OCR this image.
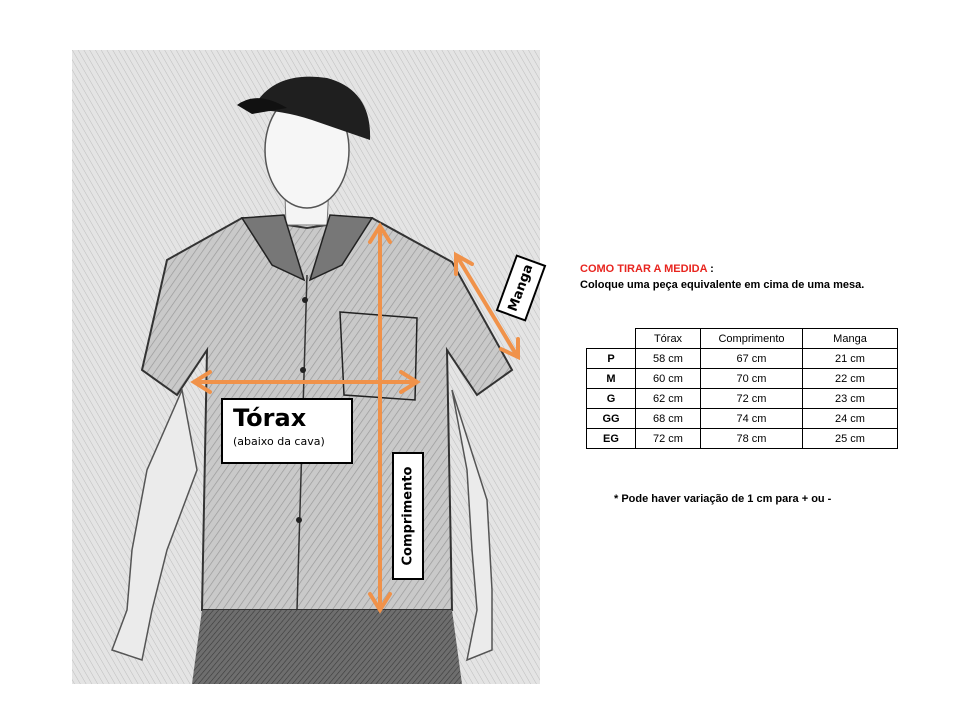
Tórax
(abaixo da cava)
Comprimento
Manga	COMO TIRAR A MEDIDA :
Coloque uma peça equivalente em cima de uma mesa.
	Tórax	Comprimento	Manga
P	58 cm	67 cm	21 cm
M	60 cm	70 cm	22 cm
G	62 cm	72 cm	23 cm
GG	68 cm	74 cm	24 cm
EG	72 cm	78 cm	25 cm
* Pode haver variação de 1 cm para + ou -
